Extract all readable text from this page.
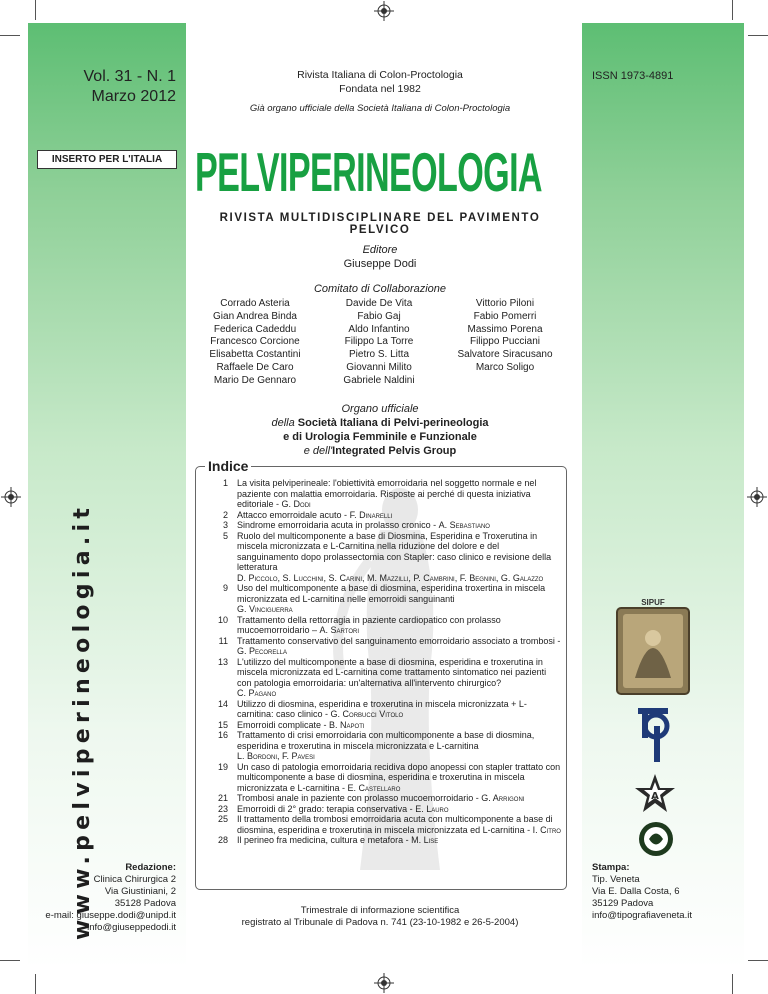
Vol. 31 - N. 1
Marzo 2012
INSERTO PER L'ITALIA
www.pelviperineologia.it	Redazione:
Clinica Chirurgica 2
Via Giustiniani, 2
35128 Padova
e-mail: giuseppe.dodi@unipd.it
info@giuseppedodi.it
Rivista Italiana di Colon-Proctologia
Fondata nel 1982
Già organo ufficiale della Società Italiana di Colon-Proctologia
ISSN 1973-4891
PELVIPERINEOLOGIA
RIVISTA MULTIDISCIPLINARE DEL PAVIMENTO PELVICO
Editore
Giuseppe Dodi
Comitato di Collaborazione
Corrado Asteria
Gian Andrea Binda
Federica Cadeddu
Francesco Corcione
Elisabetta Costantini
Raffaele De Caro
Mario De Gennaro
Davide De Vita
Fabio Gaj
Aldo Infantino
Filippo La Torre
Pietro S. Litta
Giovanni Milito
Gabriele Naldini
Vittorio Piloni
Fabio Pomerri
Massimo Porena
Filippo Pucciani
Salvatore Siracusano
Marco Soligo
Organo ufficiale
della Società Italiana di Pelvi-perineologia
e di Urologia Femminile e Funzionale
e dell'Integrated Pelvis Group
Indice
1	La visita pelviperineale: l'obiettività emorroidaria nel soggetto normale e nel paziente con malattia emorroidaria. Risposte ai perché di questa iniziativa editoriale - G. Dodi
2	Attacco emorroidale acuto - F. Dinarelli
3	Sindrome emorroidaria acuta in prolasso cronico - A. Sebastiano
5	Ruolo del multicomponente a base di Diosmina, Esperidina e Troxerutina in miscela micronizzata e L-Carnitina nella riduzione del dolore e del sanguinamento dopo prolassectomia con Stapler: caso clinico e revisione della letteratura
D. Piccolo, S. Lucchini, S. Carini, M. Mazzilli, P. Cambrini, F. Begnini, G. Galazzo
9	Uso del multicomponente a base di diosmina, esperidina troxertina in miscela micronizzata ed L-carnitina nelle emorroidi sanguinanti
G. Vinciguerra
10	Trattamento della rettorragia in paziente cardiopatico con prolasso mucoemorroidario – A. Sartori
11	Trattamento conservativo del sanguinamento emorroidario associato a trombosi - G. Pecorella
13	L'utilizzo del multicomponente a base di diosmina, esperidina e troxerutina in miscela micronizzata ed L-carnitina come trattamento sintomatico nei pazienti con patologia emorroidaria: un'alternativa all'intervento chirurgico?
C. Pagano
14	Utilizzo di diosmina, esperidina e troxerutina in miscela micronizzata + L-carnitina: caso clinico - G. Corbucci Vitolo
15	Emorroidi complicate - B. Napoti
16	Trattamento di crisi emorroidaria con multicomponente a base di diosmina, esperidina e troxerutina in miscela micronizzata e L-carnitina
L. Bordoni, F. Pavesi
19	Un caso di patologia emorroidaria recidiva dopo anopessi con stapler trattato con multicomponente a base di diosmina, esperidina e troxerutina in miscela micronizzata e L-carnitina - E. Castellaro
21	Trombosi anale in paziente con prolasso mucoemorroidario - G. Arrigoni
23	Emorroidi di 2° grado: terapia conservativa - E. Lauro
25	Il trattamento della trombosi emorroidaria acuta con multicomponente a base di diosmina, esperidina e troxerutina in miscela micronizzata ed L-carnitina - I. Citro
28	Il perineo fra medicina, cultura e metafora - M. Lise
Trimestrale di informazione scientifica
registrato al Tribunale di Padova n. 741 (23-10-1982 e 26-5-2004)
SIPUF
A
Stampa:
Tip. Veneta
Via E. Dalla Costa, 6
35129 Padova
info@tipografiaveneta.it
